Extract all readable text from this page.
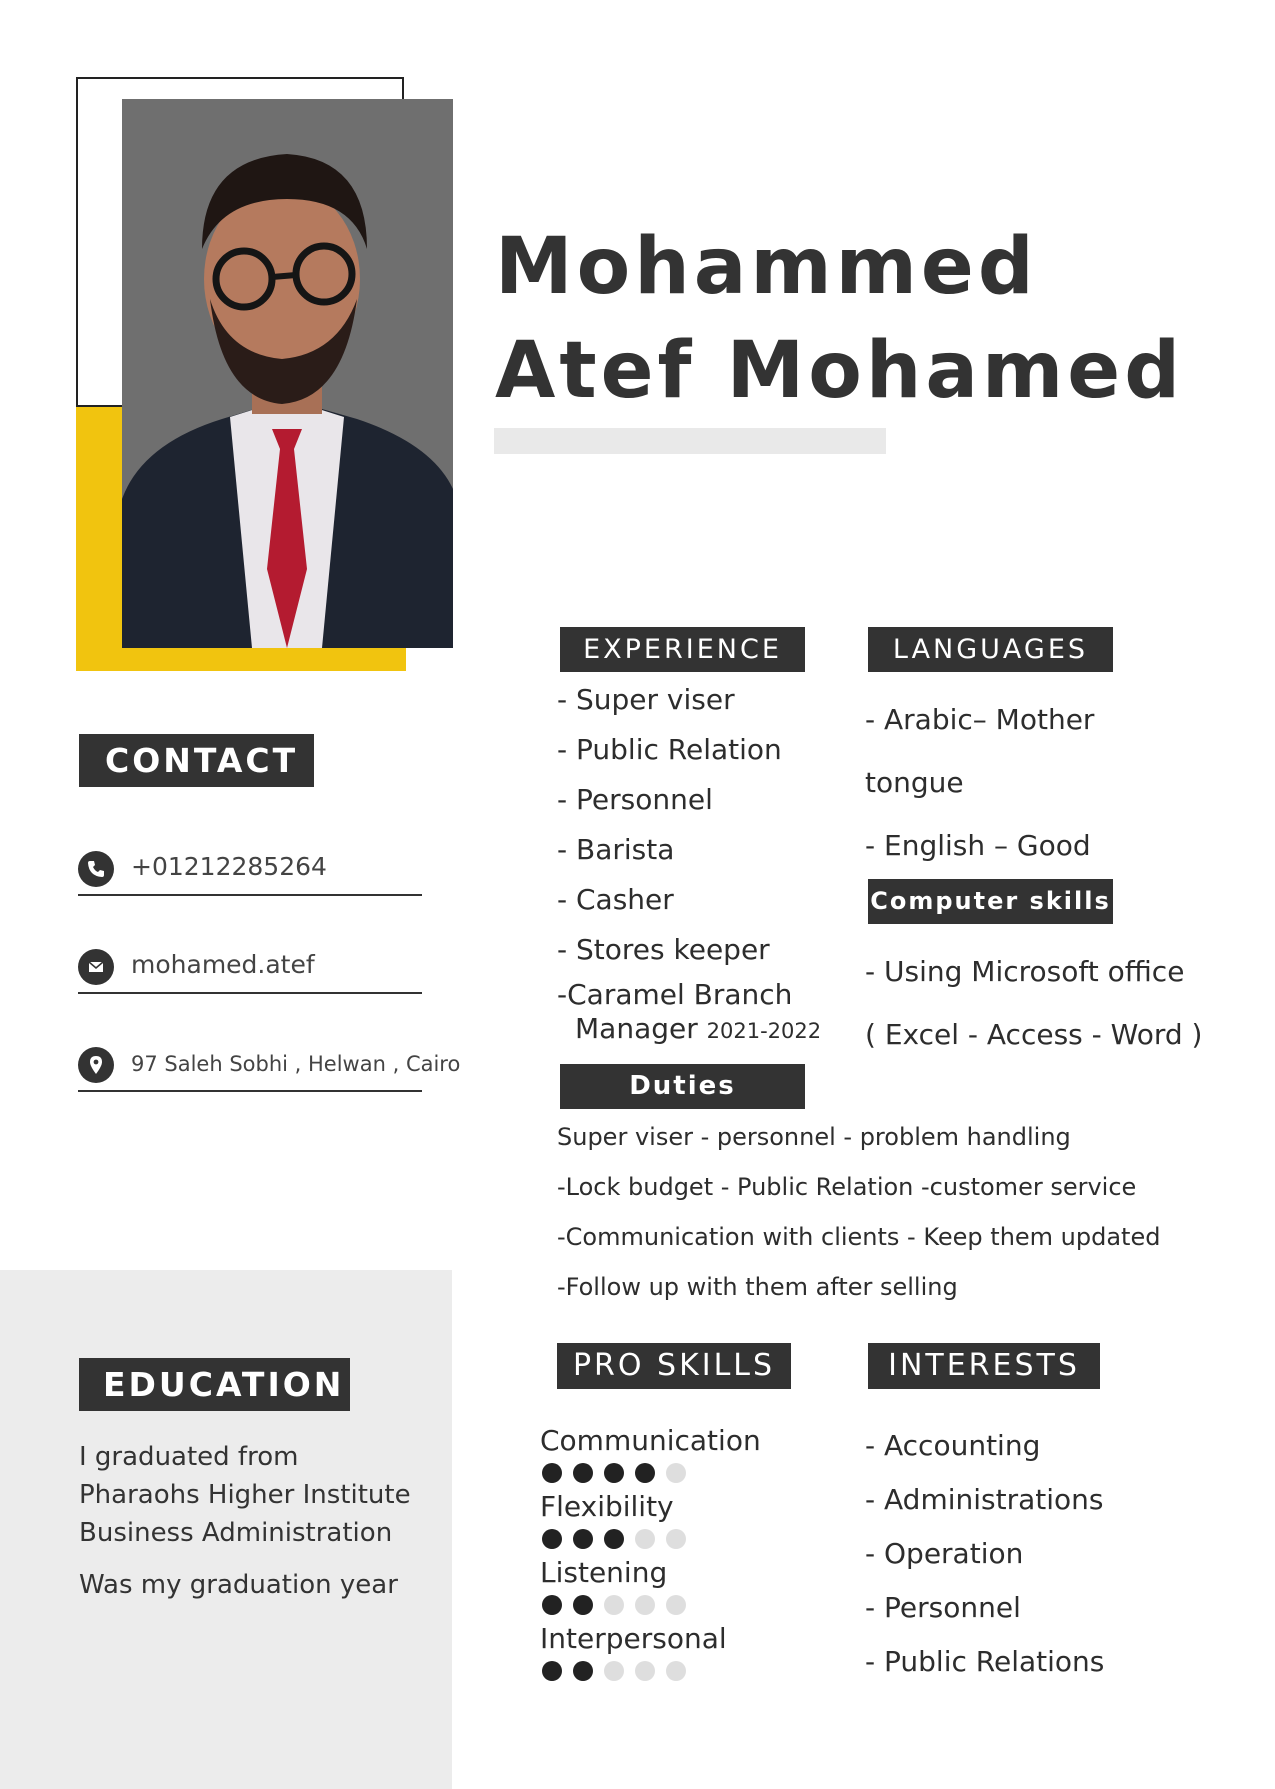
Mohammed
Atef Mohamed
CONTACT
+01212285264
mohamed.atef
97 Saleh Sobhi , Helwan , Cairo
EDUCATION

I graduated from

Pharaohs Higher Institute

Business Administration

Was my graduation year

EXPERIENCE
- Super viser
- Public Relation
- Personnel
- Barista
- Casher
- Stores keeper
-Caramel Branch
Manager 2021-2022
LANGUAGES
- Arabic– Mother
tongue
- English – Good
Computer skills
- Using Microsoft office
( Excel - Access - Word )
Duties
Super viser - personnel - problem handling
-Lock budget - Public Relation -customer service
-Communication with clients - Keep them updated
-Follow up with them after selling
PRO SKILLS
Communication
Flexibility
Listening
Interpersonal
INTERESTS
- Accounting
- Administrations
- Operation
- Personnel
- Public Relations
